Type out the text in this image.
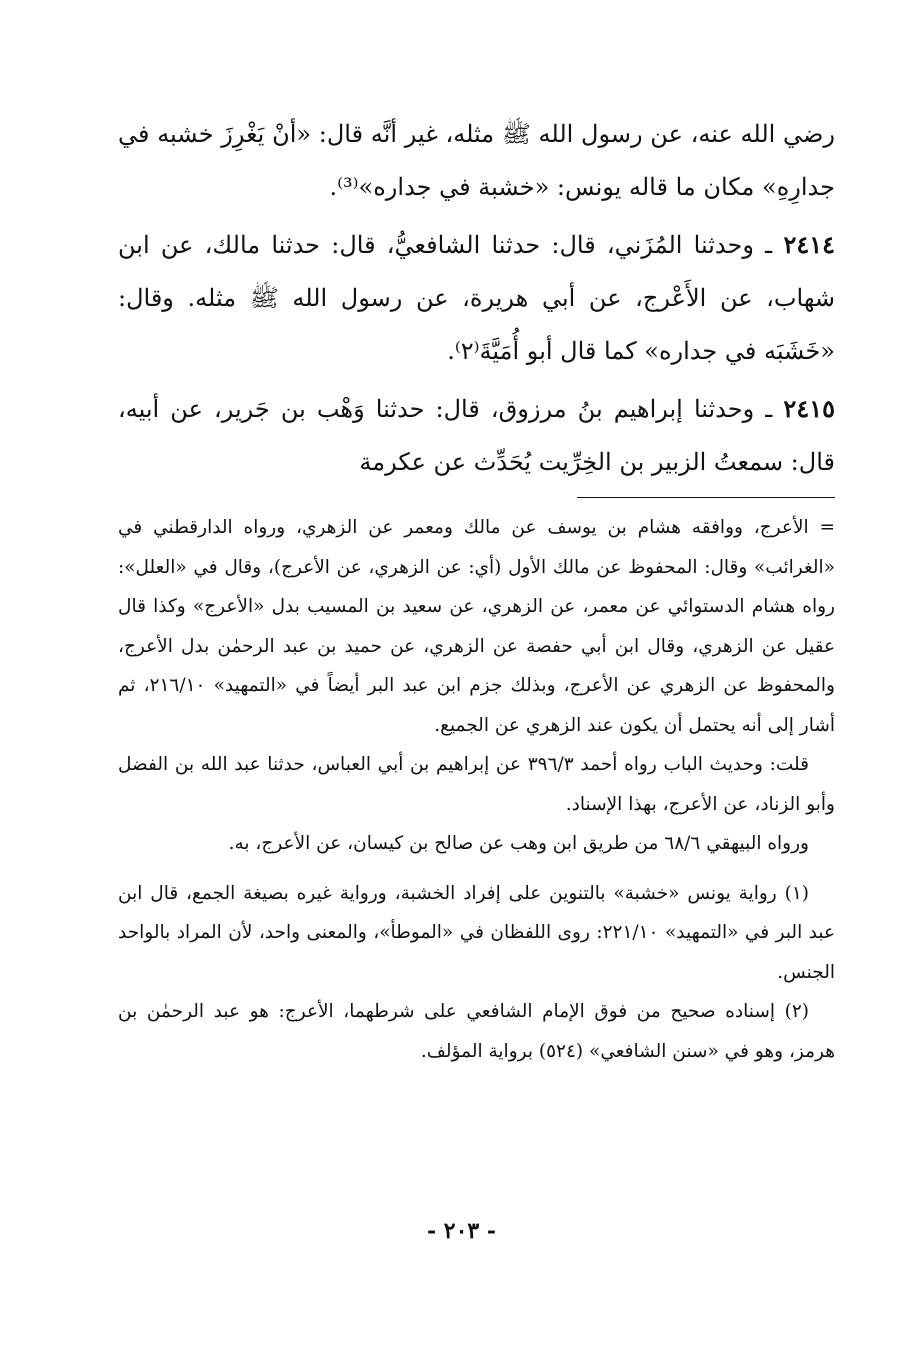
رضي الله عنه، عن رسول الله ﷺ مثله، غير أنَّه قال: «أنْ يَغْرِزَ خشبه في جدارِهِ» مكان ما قاله يونس: «خشبة في جداره»⁽³⁾.

٢٤١٤ ـ وحدثنا المُزَني، قال: حدثنا الشافعيُّ، قال: حدثنا مالك، عن ابن شهاب، عن الأَعْرج، عن أبي هريرة، عن رسول الله ﷺ مثله. وقال: «خَشَبَه في جداره» كما قال أبو أُمَيَّةَ⁽٢⁾.

٢٤١٥ ـ وحدثنا إبراهيم بنُ مرزوق، قال: حدثنا وَهْب بن جَرير، عن أبيه، قال: سمعتُ الزبير بن الخِرِّيت يُحَدِّث عن عكرمة

= الأعرج، ووافقه هشام بن يوسف عن مالك ومعمر عن الزهري، ورواه الدارقطني في «الغرائب» وقال: المحفوظ عن مالك الأول (أي: عن الزهري، عن الأعرج)، وقال في «العلل»: رواه هشام الدستوائي عن معمر، عن الزهري، عن سعيد بن المسيب بدل «الأعرج» وكذا قال عقيل عن الزهري، وقال ابن أبي حفصة عن الزهري، عن حميد بن عبد الرحمٰن بدل الأعرج، والمحفوظ عن الزهري عن الأعرج، وبذلك جزم ابن عبد البر أيضاً في «التمهيد» ٢١٦/١٠، ثم أشار إلى أنه يحتمل أن يكون عند الزهري عن الجميع.

قلت: وحديث الباب رواه أحمد ٣٩٦/٣ عن إبراهيم بن أبي العباس، حدثنا عبد الله بن الفضل وأبو الزناد، عن الأعرج، بهذا الإسناد.

ورواه البيهقي ٦٨/٦ من طريق ابن وهب عن صالح بن كيسان، عن الأعرج، به.

(١) رواية يونس «خشبة» بالتنوين على إفراد الخشبة، ورواية غيره بصيغة الجمع، قال ابن عبد البر في «التمهيد» ٢٢١/١٠: روى اللفظان في «الموطأ»، والمعنى واحد، لأن المراد بالواحد الجنس.

(٢) إسناده صحيح من فوق الإمام الشافعي على شرطهما، الأعرج: هو عبد الرحمٰن بن هرمز، وهو في «سنن الشافعي» (٥٢٤) برواية المؤلف.

- ٢٠٣ -
